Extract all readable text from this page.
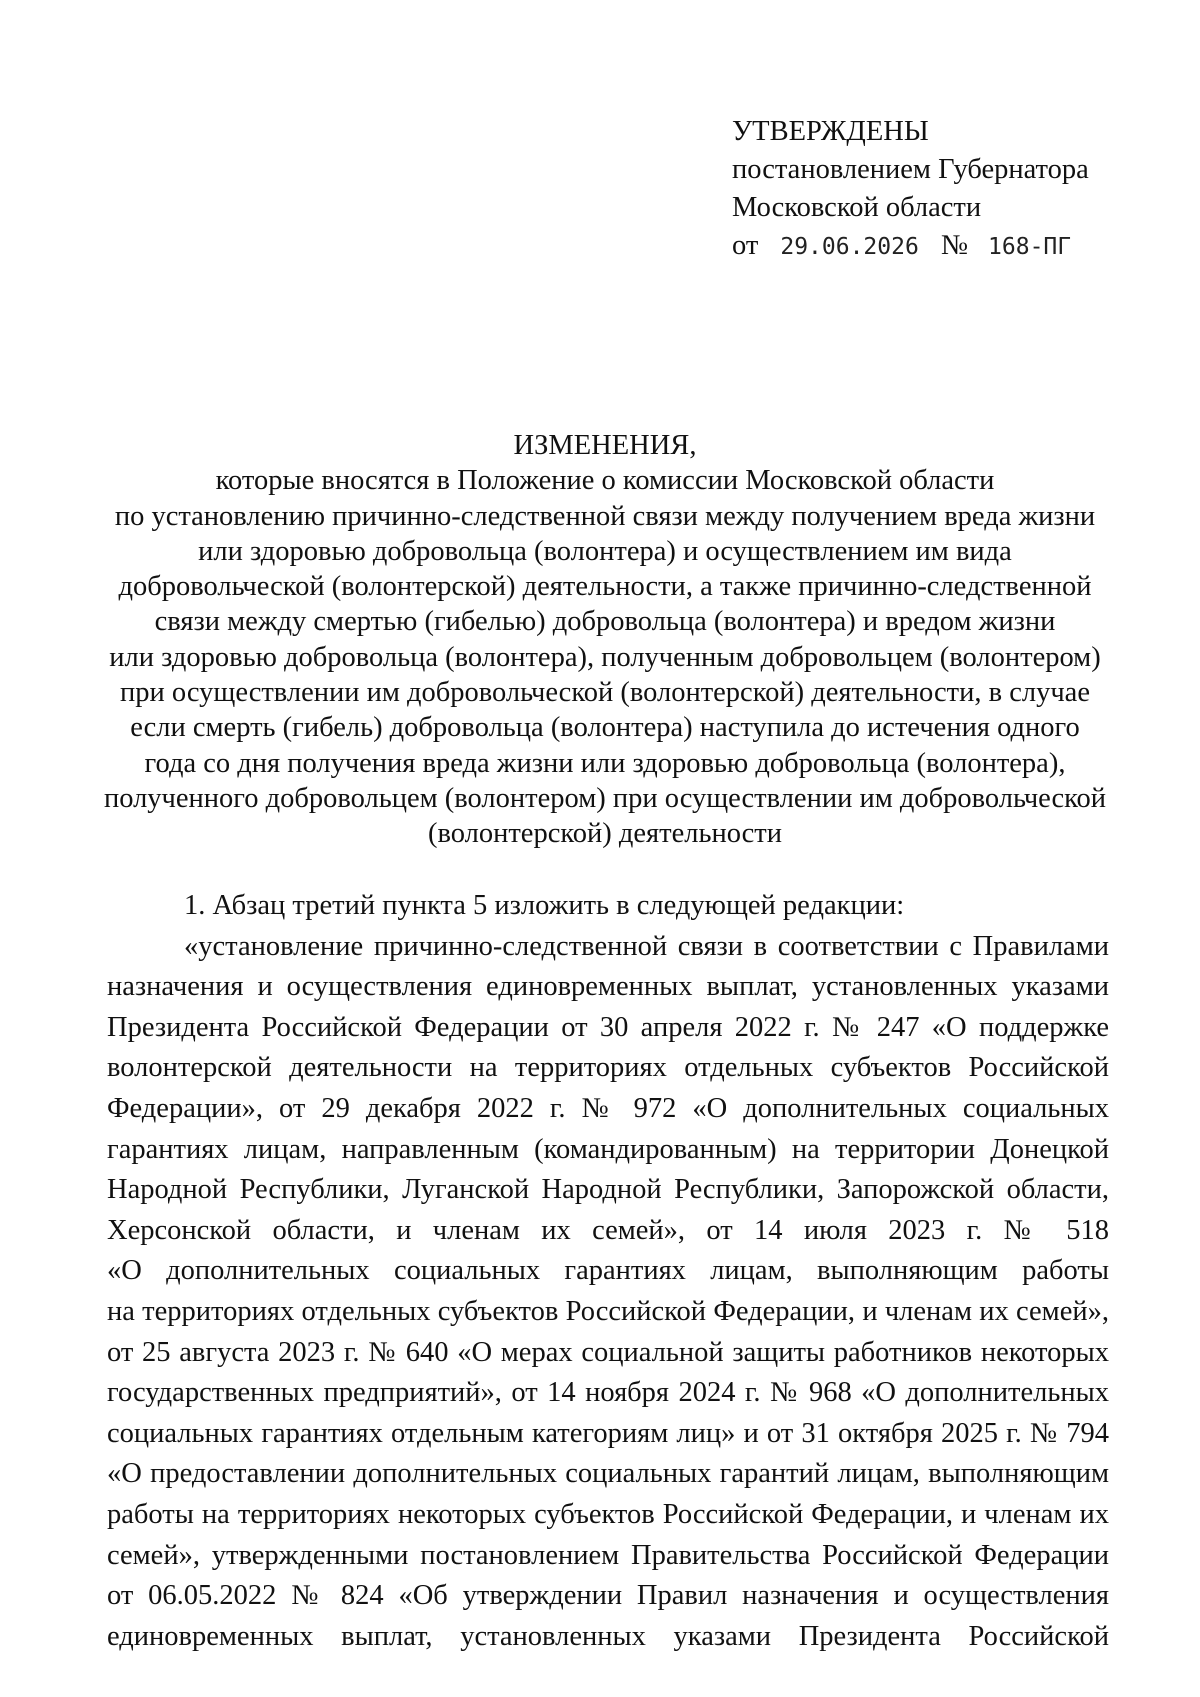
УТВЕРЖДЕНЫ
постановлением Губернатора
Московской области
от 29.06.2026 № 168-ПГ
ИЗМЕНЕНИЯ,
которые вносятся в Положение о комиссии Московской области
по установлению причинно-следственной связи между получением вреда жизни
или здоровью добровольца (волонтера) и осуществлением им вида
добровольческой (волонтерской) деятельности, а также причинно-следственной
связи между смертью (гибелью) добровольца (волонтера) и вредом жизни
или здоровью добровольца (волонтера), полученным добровольцем (волонтером)
при осуществлении им добровольческой (волонтерской) деятельности, в случае
если смерть (гибель) добровольца (волонтера) наступила до истечения одного
года со дня получения вреда жизни или здоровью добровольца (волонтера),
полученного добровольцем (волонтером) при осуществлении им добровольческой
(волонтерской) деятельности

1. Абзац третий пункта 5 изложить в следующей редакции:

«установление причинно-следственной связи в соответствии с Правилами
назначения и осуществления единовременных выплат, установленных указами
Президента Российской Федерации от 30 апреля 2022 г. № 247 «О поддержке
волонтерской деятельности на территориях отдельных субъектов Российской
Федерации», от 29 декабря 2022 г. № 972 «О дополнительных социальных
гарантиях лицам, направленным (командированным) на территории Донецкой
Народной Республики, Луганской Народной Республики, Запорожской области,
Херсонской области, и членам их семей», от 14 июля 2023 г. № 518
«О дополнительных социальных гарантиях лицам, выполняющим работы
на территориях отдельных субъектов Российской Федерации, и членам их семей»,
от 25 августа 2023 г. № 640 «О мерах социальной защиты работников некоторых
государственных предприятий», от 14 ноября 2024 г. № 968 «О дополнительных
социальных гарантиях отдельным категориям лиц» и от 31 октября 2025 г. № 794
«О предоставлении дополнительных социальных гарантий лицам, выполняющим
работы на территориях некоторых субъектов Российской Федерации, и членам их
семей», утвержденными постановлением Правительства Российской Федерации
от 06.05.2022 № 824 «Об утверждении Правил назначения и осуществления
единовременных выплат, установленных указами Президента Российской
